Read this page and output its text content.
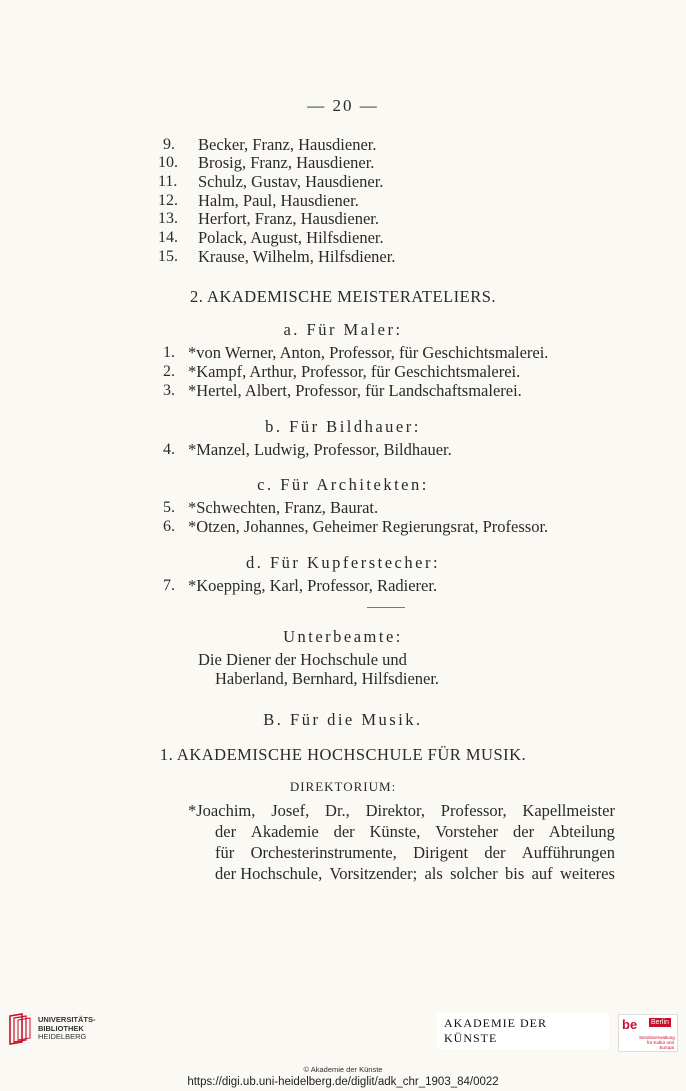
— 20 —
9. Becker, Franz, Hausdiener.
10. Brosig, Franz, Hausdiener.
11. Schulz, Gustav, Hausdiener.
12. Halm, Paul, Hausdiener.
13. Herfort, Franz, Hausdiener.
14. Polack, August, Hilfsdiener.
15. Krause, Wilhelm, Hilfsdiener.
2. AKADEMISCHE MEISTERATELIERS.
a. Für Maler:
1. *von Werner, Anton, Professor, für Geschichtsmalerei.
2. *Kampf, Arthur, Professor, für Geschichtsmalerei.
3. *Hertel, Albert, Professor, für Landschaftsmalerei.
b. Für Bildhauer:
4. *Manzel, Ludwig, Professor, Bildhauer.
c. Für Architekten:
5. *Schwechten, Franz, Baurat.
6. *Otzen, Johannes, Geheimer Regierungsrat, Professor.
d. Für Kupferstecher:
7. *Koepping, Karl, Professor, Radierer.
Unterbeamte:
Die Diener der Hochschule und
Haberland, Bernhard, Hilfsdiener.
B. Für die Musik.
1. AKADEMISCHE HOCHSCHULE FÜR MUSIK.
DIREKTORIUM:
*Joachim, Josef, Dr., Direktor, Professor, Kapellmeister
der Akademie der Künste, Vorsteher der Abteilung
für Orchesterinstrumente, Dirigent der Aufführungen
der Hochschule, Vorsitzender; als solcher bis auf weiteres
UNIVERSITÄTS-
BIBLIOTHEK
HEIDELBERG
AKADEMIE DER KÜNSTE
be Berlin
Senatsverwaltung für Kultur und Europa
© Akademie der Künste
https://digi.ub.uni-heidelberg.de/diglit/adk_chr_1903_84/0022
